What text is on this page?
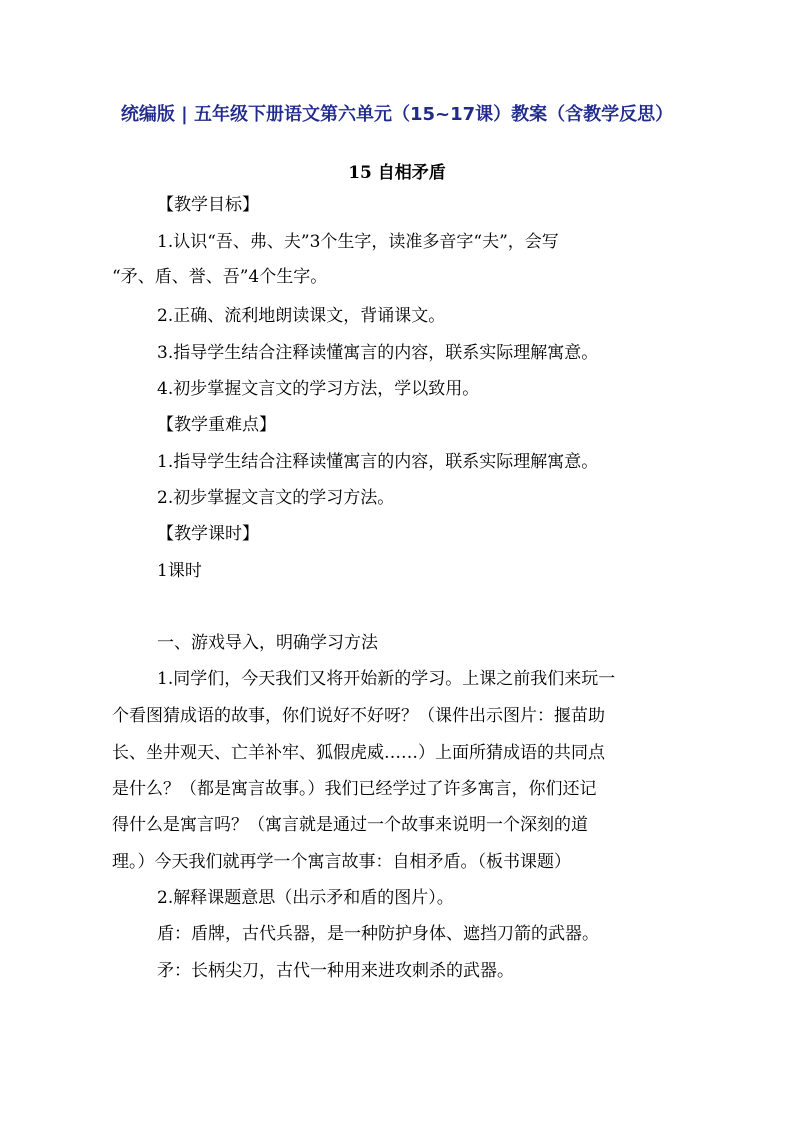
统编版 | 五年级下册语文第六单元（15~17课）教案（含教学反思）
15 自相矛盾

【教学目标】

1.认识“吾、弗、夫”3个生字，读准多音字“夫”，会写

“矛、盾、誉、吾”4个生字。

2.正确、流利地朗读课文，背诵课文。

3.指导学生结合注释读懂寓言的内容，联系实际理解寓意。

4.初步掌握文言文的学习方法，学以致用。

【教学重难点】

1.指导学生结合注释读懂寓言的内容，联系实际理解寓意。

2.初步掌握文言文的学习方法。

【教学课时】

1课时

一、游戏导入，明确学习方法

1.同学们，今天我们又将开始新的学习。上课之前我们来玩一

个看图猜成语的故事，你们说好不好呀？（课件出示图片：揠苗助

长、坐井观天、亡羊补牢、狐假虎威……）上面所猜成语的共同点

是什么？（都是寓言故事。）我们已经学过了许多寓言，你们还记

得什么是寓言吗？（寓言就是通过一个故事来说明一个深刻的道

理。）今天我们就再学一个寓言故事：自相矛盾。（板书课题）

2.解释课题意思（出示矛和盾的图片）。

盾：盾牌，古代兵器，是一种防护身体、遮挡刀箭的武器。

矛：长柄尖刀，古代一种用来进攻刺杀的武器。
